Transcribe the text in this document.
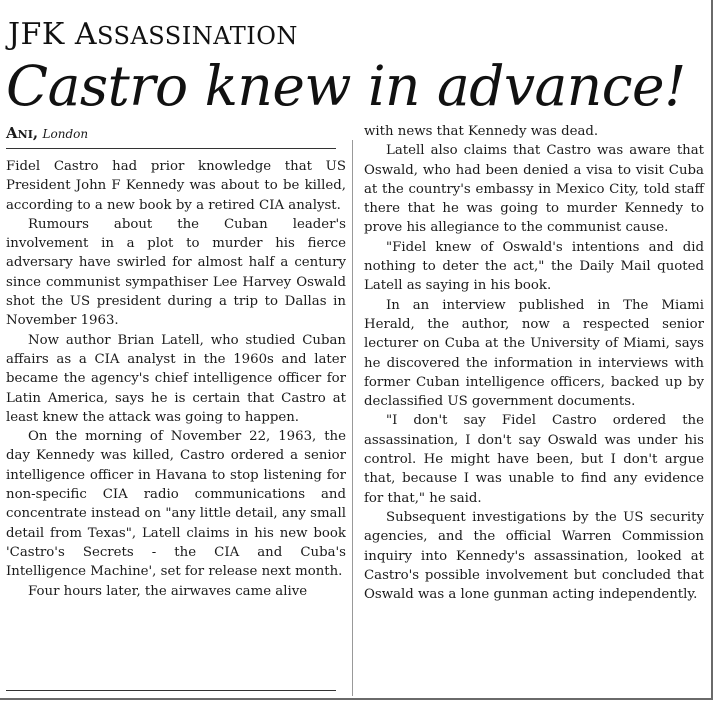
JFK ASSASSINATION
Castro knew in advance!
Ani, London

Fidel Castro had prior knowledge that US President John F Kennedy was about to be killed, according to a new book by a retired CIA analyst.

Rumours about the Cuban leader's involvement in a plot to murder his fierce adversary have swirled for almost half a century since communist sympathiser Lee Harvey Oswald shot the US president during a trip to Dallas in November 1963.

Now author Brian Latell, who studied Cuban affairs as a CIA analyst in the 1960s and later became the agency's chief intelligence officer for Latin America, says he is certain that Castro at least knew the attack was going to happen.

On the morning of November 22, 1963, the day Kennedy was killed, Castro ordered a senior intelligence officer in Havana to stop listening for non-specific CIA radio communications and concentrate instead on "any little detail, any small detail from Texas", Latell claims in his new book 'Castro's Secrets - the CIA and Cuba's Intelligence Machine', set for release next month.

Four hours later, the airwaves came alive

with news that Kennedy was dead.

Latell also claims that Castro was aware that Oswald, who had been denied a visa to visit Cuba at the country's embassy in Mexico City, told staff there that he was going to murder Kennedy to prove his allegiance to the communist cause.

"Fidel knew of Oswald's intentions and did nothing to deter the act," the Daily Mail quoted Latell as saying in his book.

In an interview published in The Miami Herald, the author, now a respected senior lecturer on Cuba at the University of Miami, says he discovered the information in interviews with former Cuban intelligence officers, backed up by declassified US government documents.

"I don't say Fidel Castro ordered the assassination, I don't say Oswald was under his control. He might have been, but I don't argue that, because I was unable to find any evidence for that," he said.

Subsequent investigations by the US security agencies, and the official Warren Commission inquiry into Kennedy's assassination, looked at Castro's possible involvement but concluded that Oswald was a lone gunman acting independently.
